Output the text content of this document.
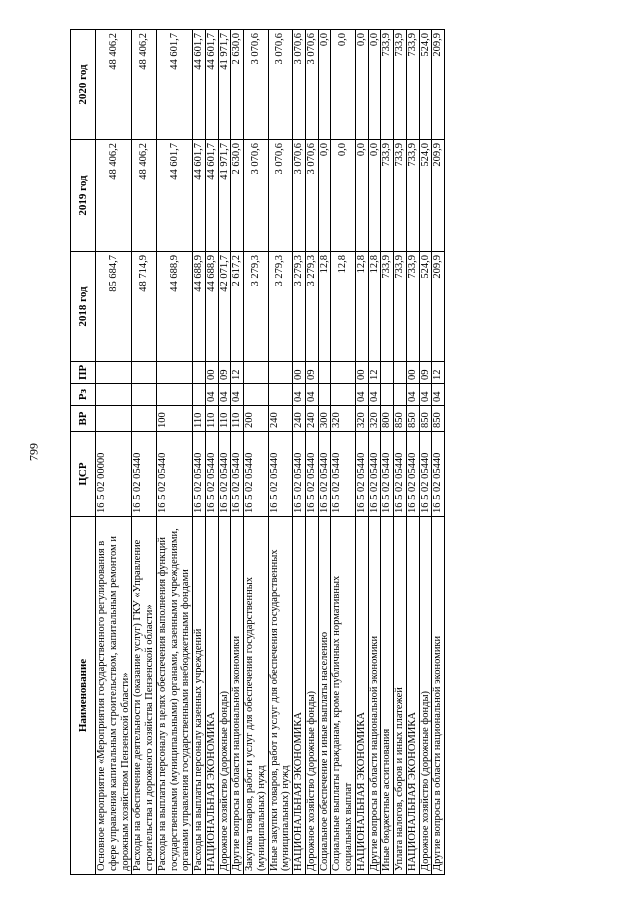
799
Наименование	ЦСР	ВР	Рз	ПР	2018 год	2019 год	2020 год
Основное мероприятие «Мероприятия государственного регулирования в сфере управления капитальным строительством, капитальным ремонтом и дорожным хозяйством Пензенской области»	16 5 02 00000				85 684,7	48 406,2	48 406,2
Расходы на обеспечение деятельности (оказание услуг) ГКУ «Управление строительства и дорожного хозяйства Пензенской области»	16 5 02 05440				48 714,9	48 406,2	48 406,2
Расходы на выплаты персоналу в целях обеспечения выполнения функций государственными (муниципальными) органами, казенными учреждениями, органами управления государственными внебюджетными фондами	16 5 02 05440	100			44 688,9	44 601,7	44 601,7
Расходы на выплаты персоналу казенных учреждений	16 5 02 05440	110			44 688,9	44 601,7	44 601,7
НАЦИОНАЛЬНАЯ ЭКОНОМИКА	16 5 02 05440	110	04	00	44 688,9	44 601,7	44 601,7
Дорожное хозяйство (дорожные фонды)	16 5 02 05440	110	04	09	42 071,7	41 971,7	41 971,7
Другие вопросы в области национальной экономики	16 5 02 05440	110	04	12	2 617,2	2 630,0	2 630,0
Закупка товаров, работ и услуг для обеспечения государственных (муниципальных) нужд	16 5 02 05440	200			3 279,3	3 070,6	3 070,6
Иные закупки товаров, работ и услуг для обеспечения государственных (муниципальных) нужд	16 5 02 05440	240			3 279,3	3 070,6	3 070,6
НАЦИОНАЛЬНАЯ ЭКОНОМИКА	16 5 02 05440	240	04	00	3 279,3	3 070,6	3 070,6
Дорожное хозяйство (дорожные фонды)	16 5 02 05440	240	04	09	3 279,3	3 070,6	3 070,6
Социальное обеспечение и иные выплаты населению	16 5 02 05440	300			12,8	0,0	0,0
Социальные выплаты гражданам, кроме публичных нормативных социальных выплат	16 5 02 05440	320			12,8	0,0	0,0
НАЦИОНАЛЬНАЯ ЭКОНОМИКА	16 5 02 05440	320	04	00	12,8	0,0	0,0
Другие вопросы в области национальной экономики	16 5 02 05440	320	04	12	12,8	0,0	0,0
Иные бюджетные ассигнования	16 5 02 05440	800			733,9	733,9	733,9
Уплата налогов, сборов и иных платежей	16 5 02 05440	850			733,9	733,9	733,9
НАЦИОНАЛЬНАЯ ЭКОНОМИКА	16 5 02 05440	850	04	00	733,9	733,9	733,9
Дорожное хозяйство (дорожные фонды)	16 5 02 05440	850	04	09	524,0	524,0	524,0
Другие вопросы в области национальной экономики	16 5 02 05440	850	04	12	209,9	209,9	209,9
